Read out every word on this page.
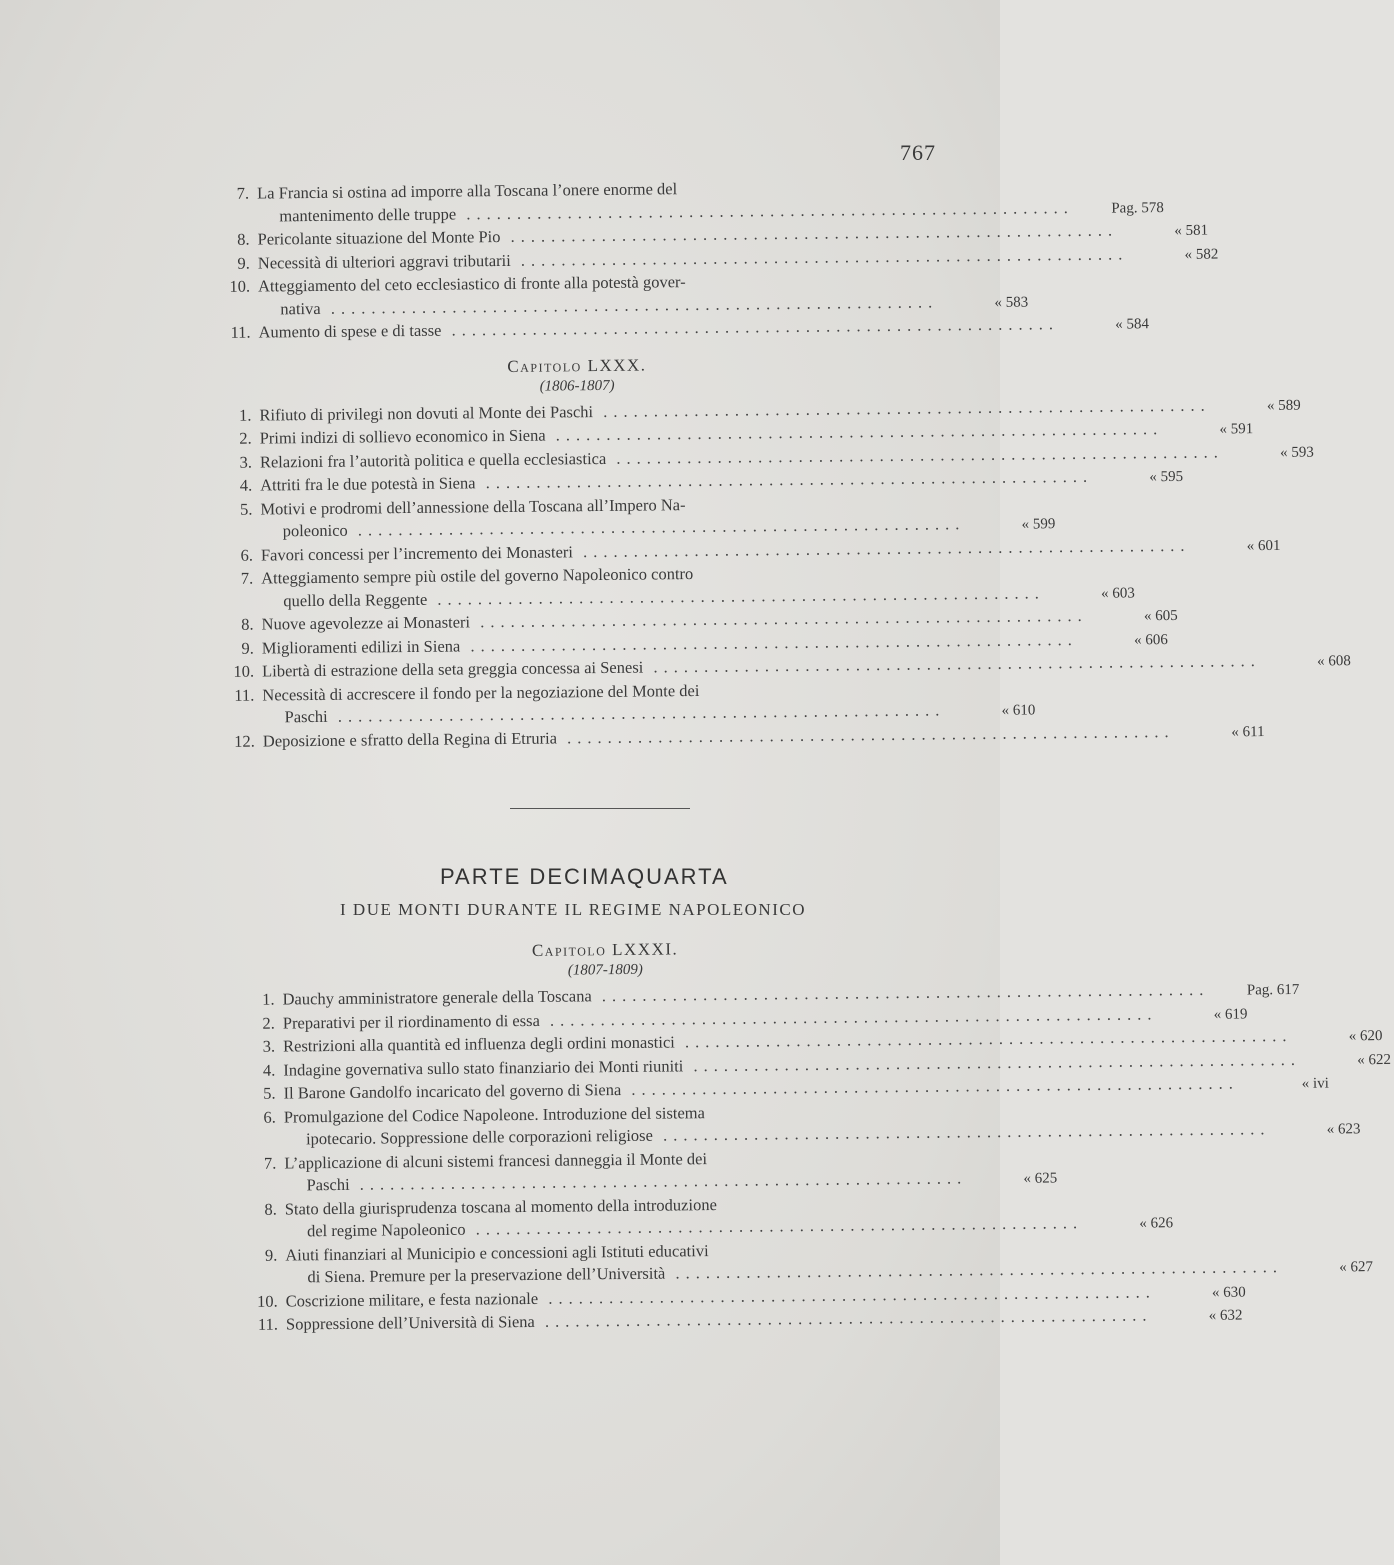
767
7. La Francia si ostina ad imporre alla Toscana l’onere enorme del
mantenimento delle truppe ............................................................	Pag. 578
8. Pericolante situazione del Monte Pio ............................................................	« 581
9. Necessità di ulteriori aggravi tributarii ............................................................	« 582
10. Atteggiamento del ceto ecclesiastico di fronte alla potestà gover-
nativa ............................................................	« 583
11. Aumento di spese e di tasse ............................................................	« 584
Capitolo LXXX.
(1806-1807)
1. Rifiuto di privilegi non dovuti al Monte dei Paschi ............................................................	« 589
2. Primi indizi di sollievo economico in Siena ............................................................	« 591
3. Relazioni fra l’autorità politica e quella ecclesiastica ............................................................	« 593
4. Attriti fra le due potestà in Siena ............................................................	« 595
5. Motivi e prodromi dell’annessione della Toscana all’Impero Na-
poleonico ............................................................	« 599
6. Favori concessi per l’incremento dei Monasteri ............................................................	« 601
7. Atteggiamento sempre più ostile del governo Napoleonico contro
quello della Reggente ............................................................	« 603
8. Nuove agevolezze ai Monasteri ............................................................	« 605
9. Miglioramenti edilizi in Siena ............................................................	« 606
10. Libertà di estrazione della seta greggia concessa ai Senesi ............................................................	« 608
11. Necessità di accrescere il fondo per la negoziazione del Monte dei
Paschi ............................................................	« 610
12. Deposizione e sfratto della Regina di Etruria ............................................................	« 611
PARTE DECIMAQUARTA
I DUE MONTI DURANTE IL REGIME NAPOLEONICO
Capitolo LXXXI.
(1807-1809)
1. Dauchy amministratore generale della Toscana ............................................................	Pag. 617
2. Preparativi per il riordinamento di essa ............................................................	« 619
3. Restrizioni alla quantità ed influenza degli ordini monastici ............................................................	« 620
4. Indagine governativa sullo stato finanziario dei Monti riuniti ............................................................	« 622
5. Il Barone Gandolfo incaricato del governo di Siena ............................................................	« ivi
6. Promulgazione del Codice Napoleone. Introduzione del sistema
ipotecario. Soppressione delle corporazioni religiose ............................................................	« 623
7. L’applicazione di alcuni sistemi francesi danneggia il Monte dei
Paschi ............................................................	« 625
8. Stato della giurisprudenza toscana al momento della introduzione
del regime Napoleonico ............................................................	« 626
9. Aiuti finanziari al Municipio e concessioni agli Istituti educativi
di Siena. Premure per la preservazione dell’Università ............................................................	« 627
10. Coscrizione militare, e festa nazionale ............................................................	« 630
11. Soppressione dell’Università di Siena ............................................................	« 632
